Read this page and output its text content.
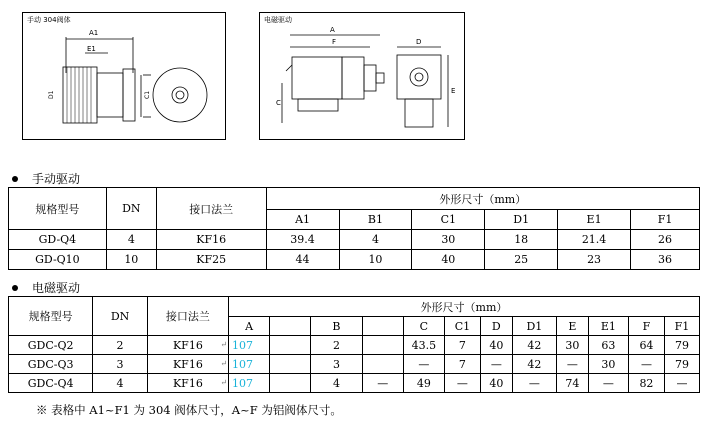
手动 304阀体
A1
E1
D1	C1
电磁驱动
A
F	D
C
E
手动驱动
规格型号	DN	接口法兰	外形尺寸（mm）					
			A1	B1	C1	D1	E1	F1
GD-Q4	4	KF16	39.4	4	30	18	21.4	26
GD-Q10	10	KF25	44	10	40	25	23	36
电磁驱动
规格型号	DN	接口法兰	外形尺寸（mm）											
			A		B		C	C1	D	D1	E	E1	F	F1
GDC-Q2	2	KF16 ↵	107		2		43.5	7	40	42	30	63	64	79
GDC-Q3	3	KF16 ↵	107		3		—	7	—	42	—	30	—	79
GDC-Q4	4	KF16 ↵	107		4	—	49	—	40	—	74	—	82	—
※ 表格中 A1~F1 为 304 阀体尺寸，A~F 为铝阀体尺寸。
